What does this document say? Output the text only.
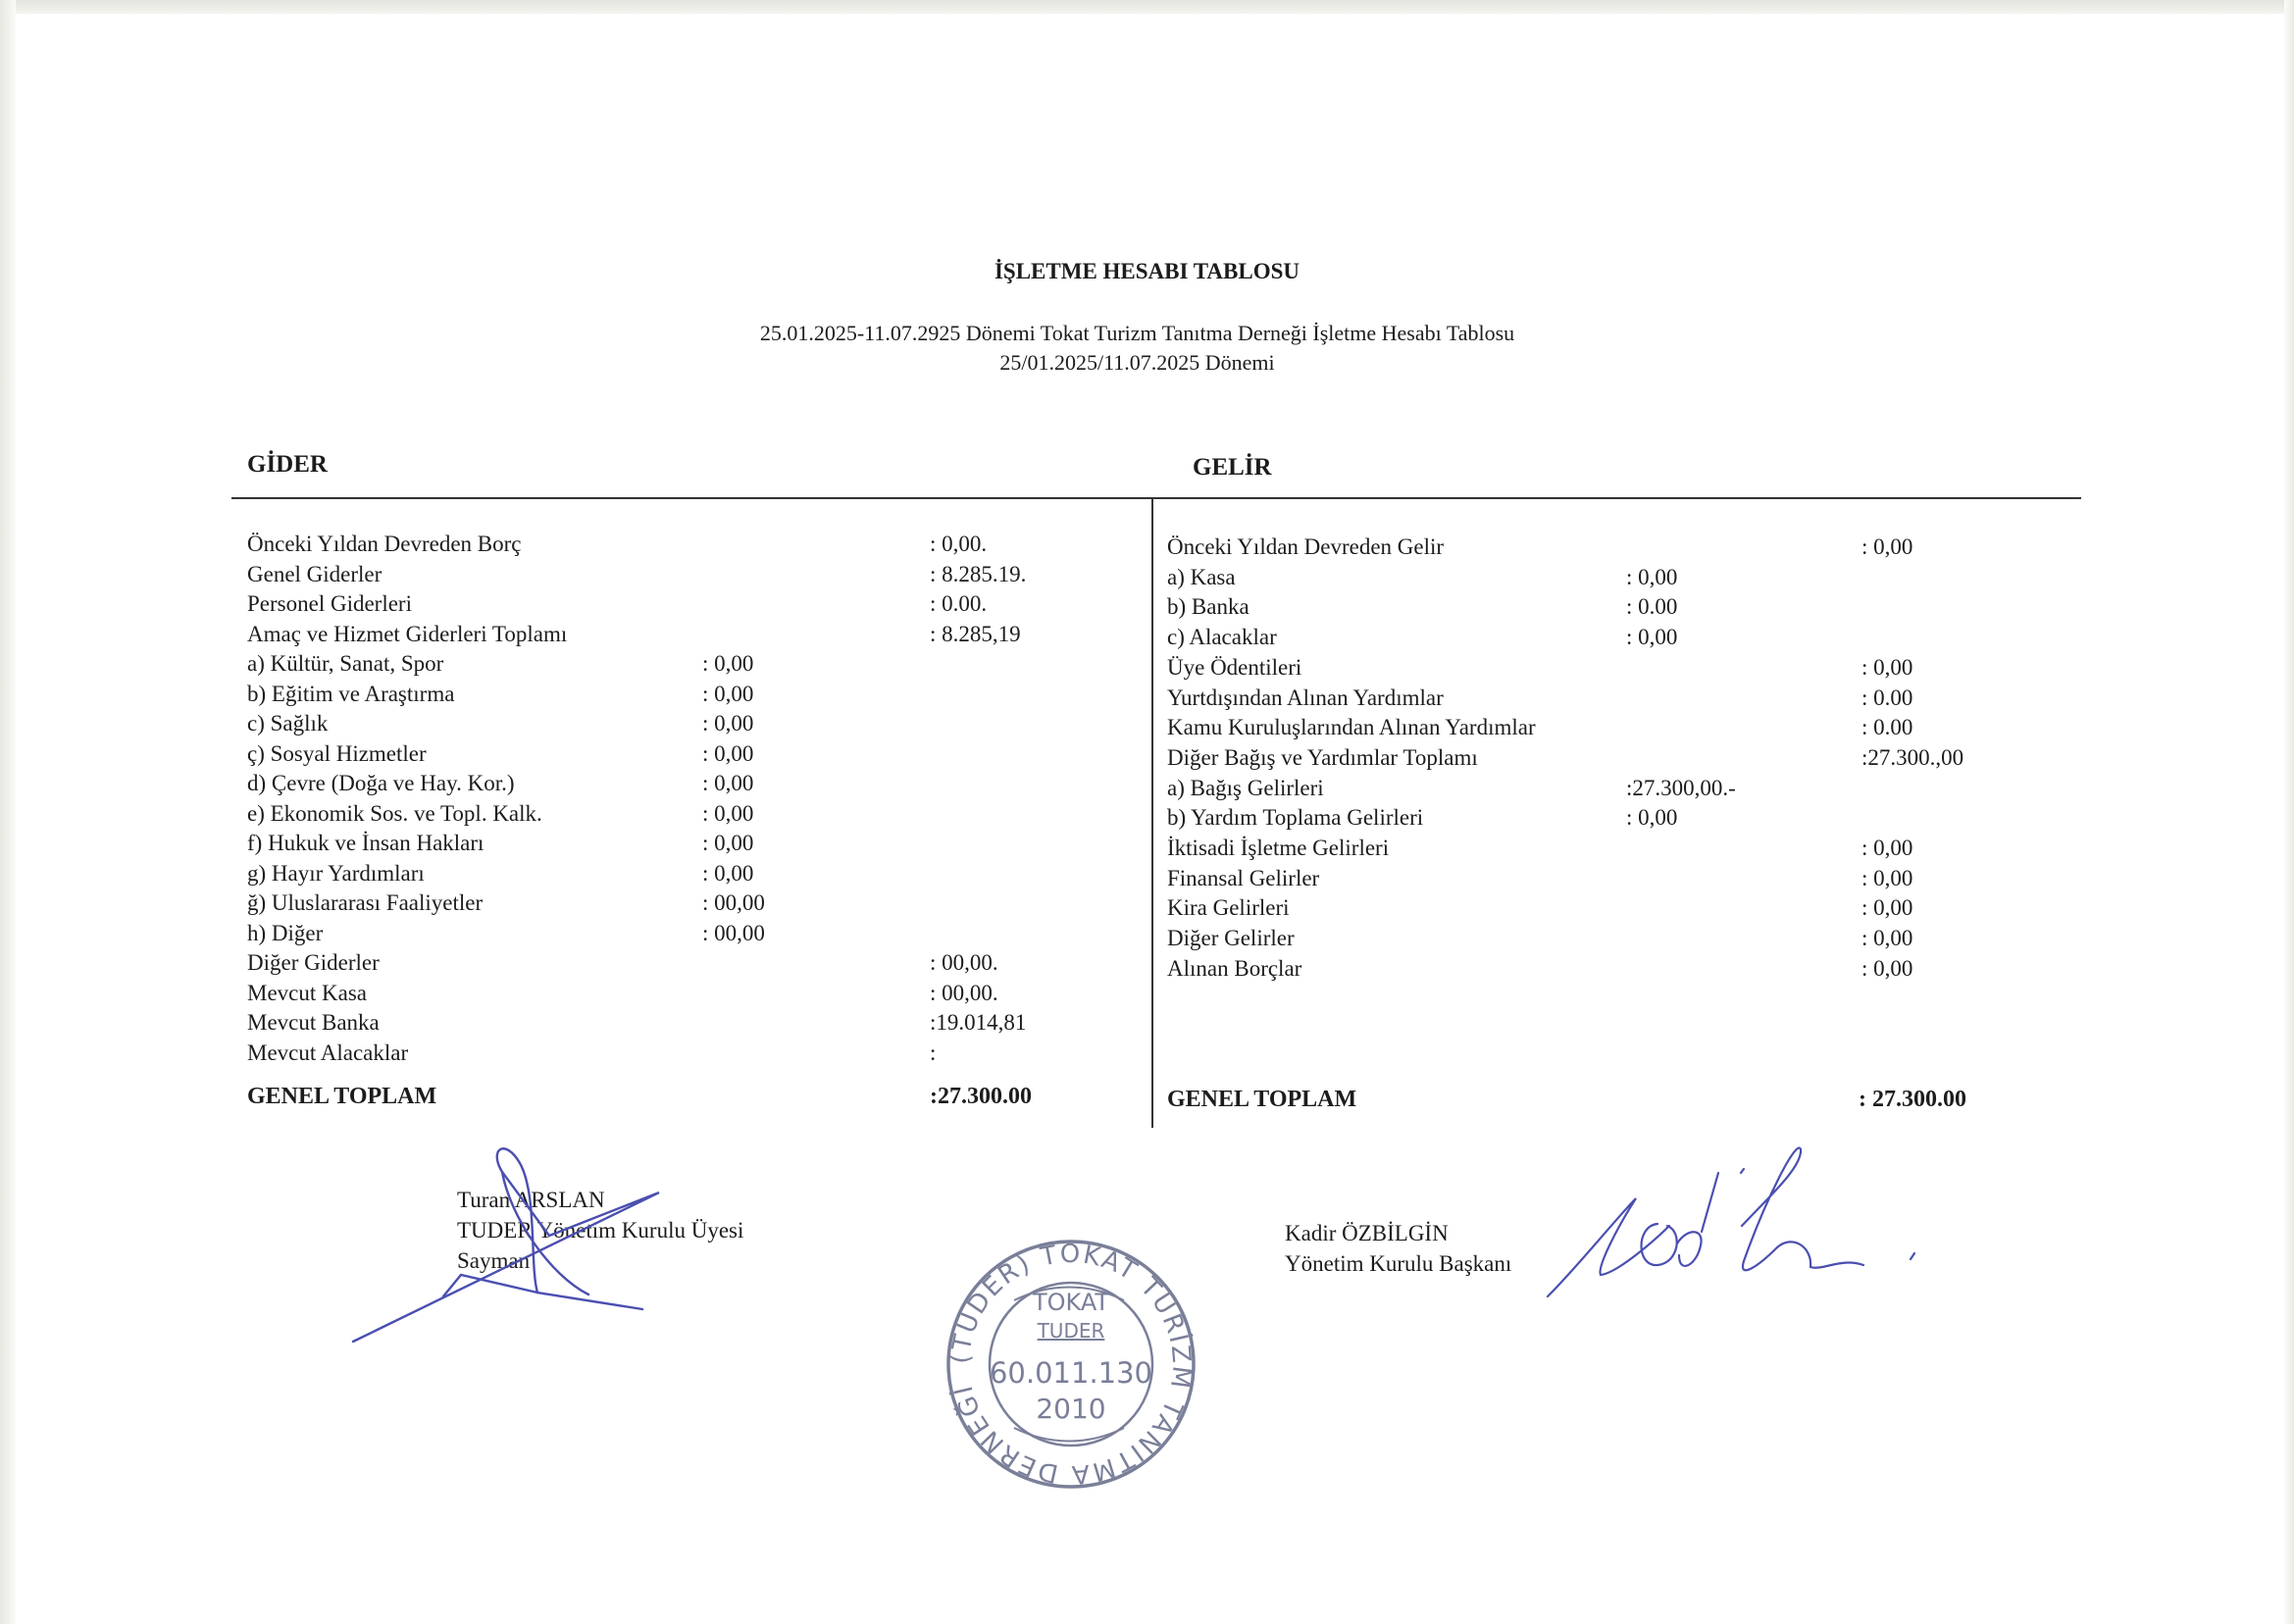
İŞLETME HESABI TABLOSU
25.01.2025-11.07.2925 Dönemi Tokat Turizm Tanıtma Derneği İşletme Hesabı Tablosu
25/01.2025/11.07.2025 Dönemi
GİDER	GELİR
Önceki Yıldan Devreden Borç	: 0,00.
Genel Giderler	: 8.285.19.
Personel Giderleri	: 0.00.
Amaç ve Hizmet Giderleri Toplamı	: 8.285,19
a) Kültür, Sanat, Spor	: 0,00
b) Eğitim ve Araştırma	: 0,00
c) Sağlık	: 0,00
ç) Sosyal Hizmetler	: 0,00
d) Çevre (Doğa ve Hay. Kor.)	: 0,00
e) Ekonomik Sos. ve Topl. Kalk.	: 0,00
f) Hukuk ve İnsan Hakları	: 0,00
g) Hayır Yardımları	: 0,00
ğ) Uluslararası Faaliyetler	: 00,00
h) Diğer	: 00,00
Diğer Giderler	: 00,00.
Mevcut Kasa	: 00,00.
Mevcut Banka	:19.014,81
Mevcut Alacaklar	:
Önceki Yıldan Devreden Gelir	: 0,00
a) Kasa	: 0,00
b) Banka	: 0.00
c) Alacaklar	: 0,00
Üye Ödentileri	: 0,00
Yurtdışından Alınan Yardımlar	: 0.00
Kamu Kuruluşlarından Alınan Yardımlar	: 0.00
Diğer Bağış ve Yardımlar Toplamı	:27.300.,00
a) Bağış Gelirleri	:27.300,00.-
b) Yardım Toplama Gelirleri	: 0,00
İktisadi İşletme Gelirleri	: 0,00
Finansal Gelirler	: 0,00
Kira Gelirleri	: 0,00
Diğer Gelirler	: 0,00
Alınan Borçlar	: 0,00
GENEL TOPLAM	:27.300.00	GENEL TOPLAM	: 27.300.00
Turan ARSLAN
TUDER Yönetim Kurulu Üyesi
Sayman
Kadir ÖZBİLGİN
Yönetim Kurulu Başkanı
(TUDER) TOKAT TURİZM TANITMA DERNEĞİ
TOKAT
TUDER
60.011.130
2010
